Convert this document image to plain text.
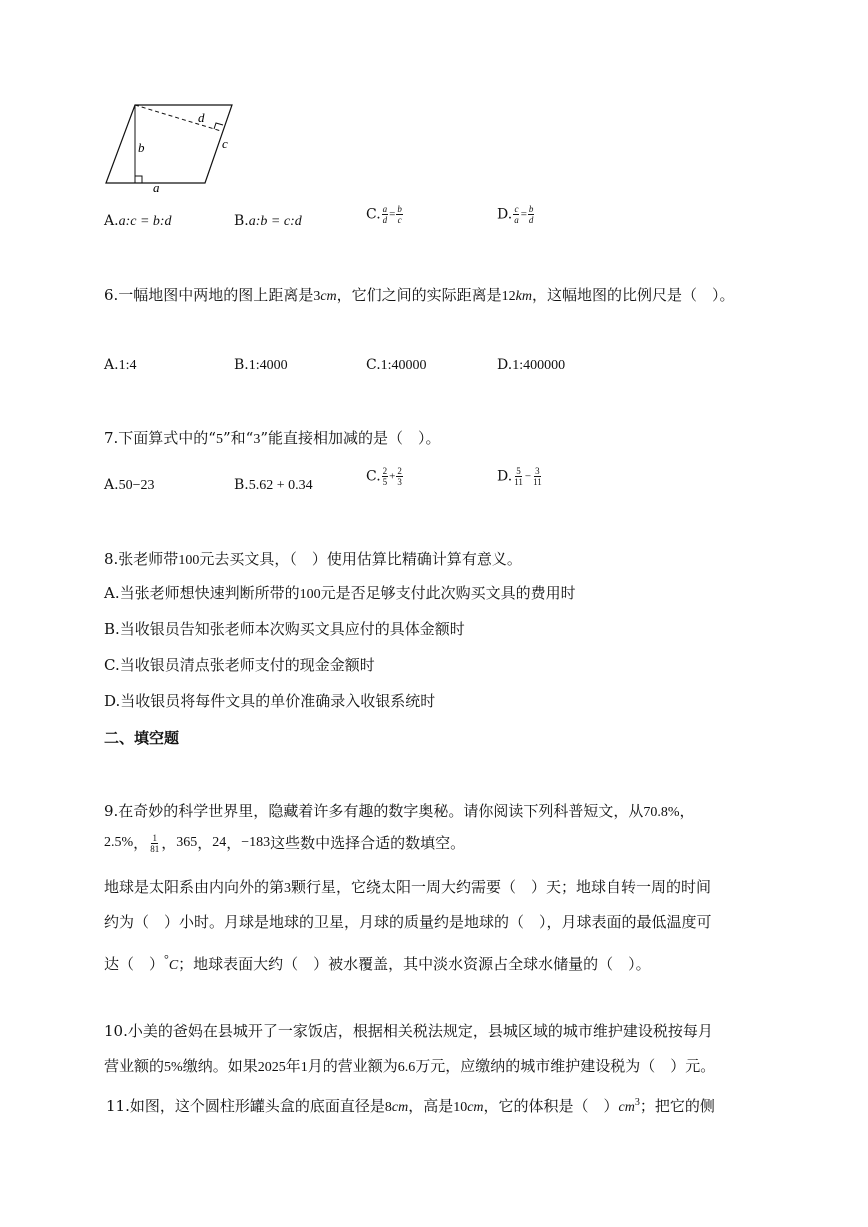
a
b	c
d
A.a:c = b:d	B.a:b = c:d	C. $\frac{a}{d} = \frac{b}{c}$	D. $\frac{c}{a} = \frac{b}{d}$
6.一幅地图中两地的图上距离是3cm，它们之间的实际距离是12km，这幅地图的比例尺是（　）。
A.1:4	B.1:4000	C.1:40000	D.1:400000
7.下面算式中的“5”和“3”能直接相加减的是（　）。
A.50−23	B.5.62 + 0.34
C. $\frac{2}{5} + \frac{2}{3}$	D. $\frac{5}{11} - \frac{3}{11}$
8.张老师带100元去买文具，（　）使用估算比精确计算有意义。
A.当张老师想快速判断所带的100元是否足够支付此次购买文具的费用时
B.当收银员告知张老师本次购买文具应付的具体金额时
C.当收银员清点张老师支付的现金金额时
D.当收银员将每件文具的单价准确录入收银系统时
二、填空题
9.在奇妙的科学世界里，隐藏着许多有趣的数字奥秘。请你阅读下列科普短文，从70.8%，
2.5%， $\frac{1}{81}$ ，365，24，−183这些数中选择合适的数填空。
地球是太阳系由内向外的第3颗行星，它绕太阳一周大约需要（　）天；地球自转一周的时间
约为（　）小时。月球是地球的卫星，月球的质量约是地球的（　），月球表面的最低温度可
达（　）°C；地球表面大约（　）被水覆盖，其中淡水资源占全球水储量的（　）。
10.小美的爸妈在县城开了一家饭店，根据相关税法规定，县城区域的城市维护建设税按每月
营业额的5%缴纳。如果2025年1月的营业额为6.6万元，应缴纳的城市维护建设税为（　）元。
11.如图，这个圆柱形罐头盒的底面直径是8cm，高是10cm，它的体积是（　）$cm^3$；把它的侧
